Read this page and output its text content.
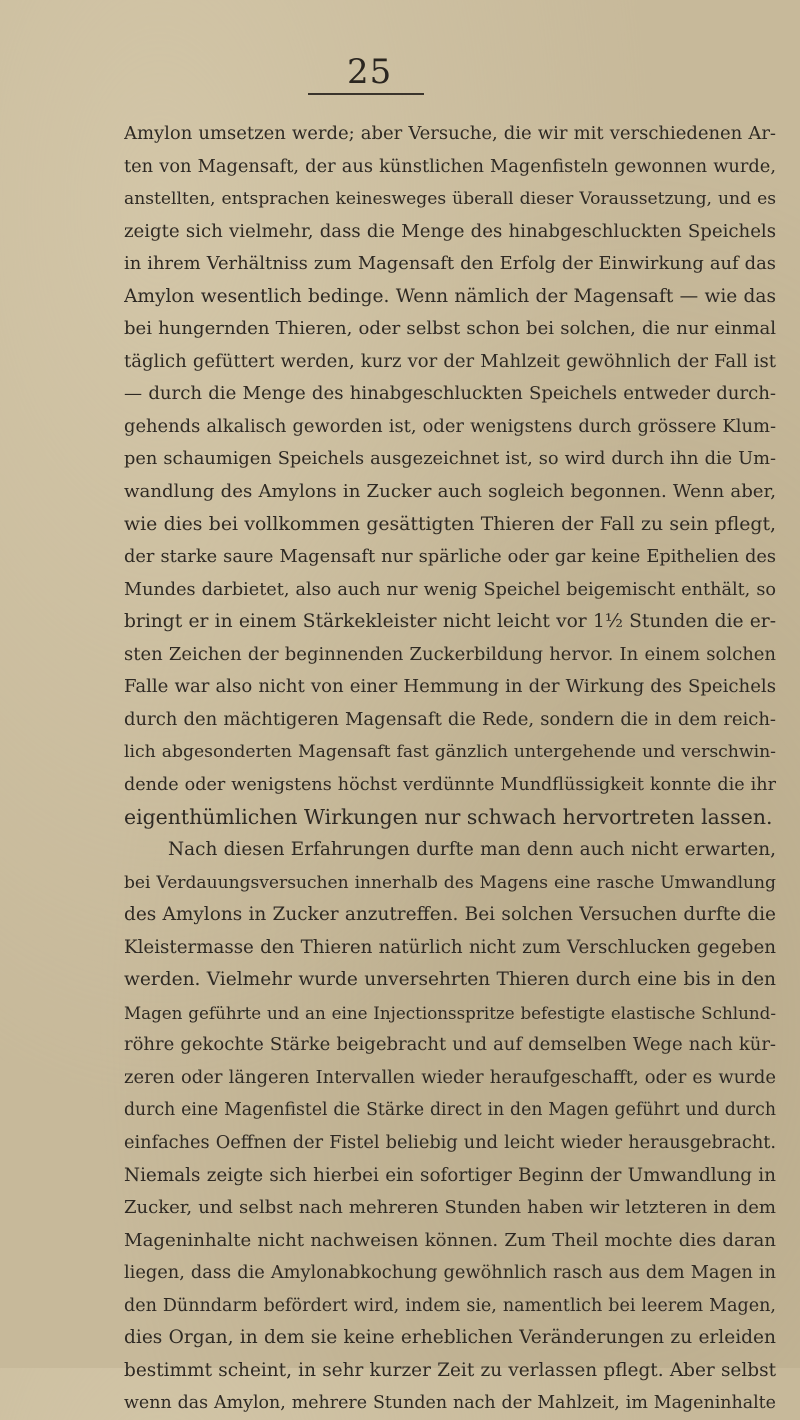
25
Amylon umsetzen werde; aber Versuche, die wir mit verschiedenen Ar-
ten von Magensaft, der aus künstlichen Magenfisteln gewonnen wurde,
anstellten, entsprachen keinesweges überall dieser Voraussetzung, und es
zeigte sich vielmehr, dass die Menge des hinabgeschluckten Speichels
in ihrem Verhältniss zum Magensaft den Erfolg der Einwirkung auf das
Amylon wesentlich bedinge. Wenn nämlich der Magensaft — wie das
bei hungernden Thieren, oder selbst schon bei solchen, die nur einmal
täglich gefüttert werden, kurz vor der Mahlzeit gewöhnlich der Fall ist
— durch die Menge des hinabgeschluckten Speichels entweder durch-
gehends alkalisch geworden ist, oder wenigstens durch grössere Klum-
pen schaumigen Speichels ausgezeichnet ist, so wird durch ihn die Um-
wandlung des Amylons in Zucker auch sogleich begonnen. Wenn aber,
wie dies bei vollkommen gesättigten Thieren der Fall zu sein pflegt,
der starke saure Magensaft nur spärliche oder gar keine Epithelien des
Mundes darbietet, also auch nur wenig Speichel beigemischt enthält, so
bringt er in einem Stärkekleister nicht leicht vor 1½ Stunden die er-
sten Zeichen der beginnenden Zuckerbildung hervor. In einem solchen
Falle war also nicht von einer Hemmung in der Wirkung des Speichels
durch den mächtigeren Magensaft die Rede, sondern die in dem reich-
lich abgesonderten Magensaft fast gänzlich untergehende und verschwin-
dende oder wenigstens höchst verdünnte Mundflüssigkeit konnte die ihr
eigenthümlichen Wirkungen nur schwach hervortreten lassen.
Nach diesen Erfahrungen durfte man denn auch nicht erwarten,
bei Verdauungsversuchen innerhalb des Magens eine rasche Umwandlung
des Amylons in Zucker anzutreffen. Bei solchen Versuchen durfte die
Kleistermasse den Thieren natürlich nicht zum Verschlucken gegeben
werden. Vielmehr wurde unversehrten Thieren durch eine bis in den
Magen geführte und an eine Injectionsspritze befestigte elastische Schlund-
röhre gekochte Stärke beigebracht und auf demselben Wege nach kür-
zeren oder längeren Intervallen wieder heraufgeschafft, oder es wurde
durch eine Magenfistel die Stärke direct in den Magen geführt und durch
einfaches Oeffnen der Fistel beliebig und leicht wieder herausgebracht.
Niemals zeigte sich hierbei ein sofortiger Beginn der Umwandlung in
Zucker, und selbst nach mehreren Stunden haben wir letzteren in dem
Mageninhalte nicht nachweisen können. Zum Theil mochte dies daran
liegen, dass die Amylonabkochung gewöhnlich rasch aus dem Magen in
den Dünndarm befördert wird, indem sie, namentlich bei leerem Magen,
dies Organ, in dem sie keine erheblichen Veränderungen zu erleiden
bestimmt scheint, in sehr kurzer Zeit zu verlassen pflegt. Aber selbst
wenn das Amylon, mehrere Stunden nach der Mahlzeit, im Mageninhalte
